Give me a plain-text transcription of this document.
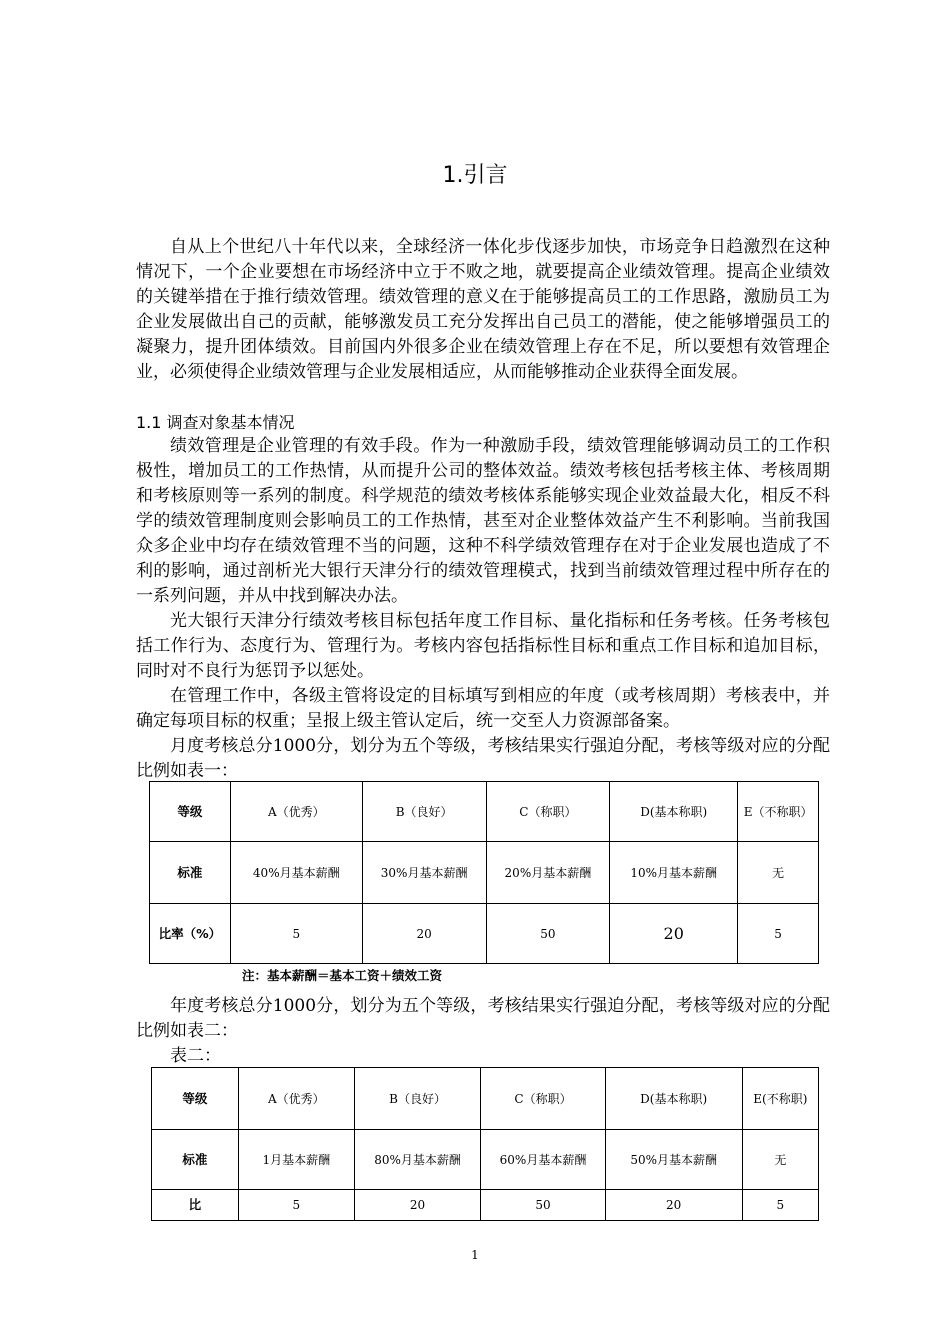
1.引言

自从上个世纪八十年代以来，全球经济一体化步伐逐步加快，市场竞争日趋激烈在这种情况下，一个企业要想在市场经济中立于不败之地，就要提高企业绩效管理。提高企业绩效的关键举措在于推行绩效管理。绩效管理的意义在于能够提高员工的工作思路，激励员工为企业发展做出自己的贡献，能够激发员工充分发挥出自己员工的潜能，使之能够增强员工的凝聚力，提升团体绩效。目前国内外很多企业在绩效管理上存在不足，所以要想有效管理企业，必须使得企业绩效管理与企业发展相适应，从而能够推动企业获得全面发展。

1.1 调查对象基本情况

绩效管理是企业管理的有效手段。作为一种激励手段，绩效管理能够调动员工的工作积极性，增加员工的工作热情，从而提升公司的整体效益。绩效考核包括考核主体、考核周期和考核原则等一系列的制度。科学规范的绩效考核体系能够实现企业效益最大化，相反不科学的绩效管理制度则会影响员工的工作热情，甚至对企业整体效益产生不利影响。当前我国众多企业中均存在绩效管理不当的问题，这种不科学绩效管理存在对于企业发展也造成了不利的影响，通过剖析光大银行天津分行的绩效管理模式，找到当前绩效管理过程中所存在的一系列问题，并从中找到解决办法。

光大银行天津分行绩效考核目标包括年度工作目标、量化指标和任务考核。任务考核包括工作行为、态度行为、管理行为。考核内容包括指标性目标和重点工作目标和追加目标，同时对不良行为惩罚予以惩处。

在管理工作中，各级主管将设定的目标填写到相应的年度（或考核周期）考核表中，并确定每项目标的权重；呈报上级主管认定后，统一交至人力资源部备案。

月度考核总分1000分，划分为五个等级，考核结果实行强迫分配，考核等级对应的分配比例如表一：

等级	A（优秀）	B（良好）	C（称职）	D(基本称职)	E（不称职）
标准	40%月基本薪酬	30%月基本薪酬	20%月基本薪酬	10%月基本薪酬	无
比率（%）	5	20	50	20	5
注：基本薪酬＝基本工资＋绩效工资

年度考核总分1000分，划分为五个等级，考核结果实行强迫分配，考核等级对应的分配比例如表二：

表二：

等级	A（优秀）	B（良好）	C（称职）	D(基本称职)	E(不称职)
标准	1月基本薪酬	80%月基本薪酬	60%月基本薪酬	50%月基本薪酬	无
比	5	20	50	20	5
1
